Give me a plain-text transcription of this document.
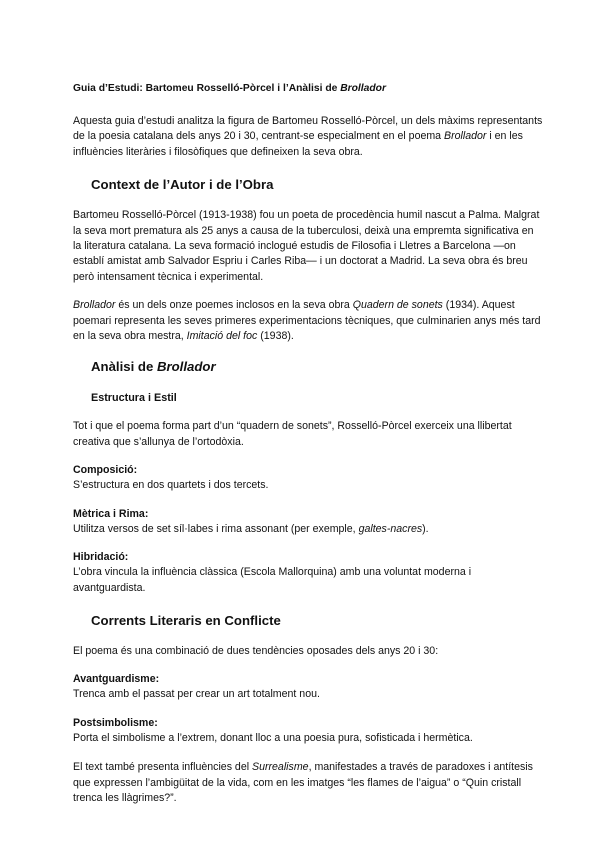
Guia d’Estudi: Bartomeu Rosselló-Pòrcel i l’Anàlisi de Brollador

Aquesta guia d’estudi analitza la figura de Bartomeu Rosselló-Pòrcel, un dels màxims representants de la poesia catalana dels anys 20 i 30, centrant-se especialment en el poema Brollador i en les influències literàries i filosòfiques que defineixen la seva obra.

Context de l’Autor i de l’Obra

Bartomeu Rosselló-Pòrcel (1913-1938) fou un poeta de procedència humil nascut a Palma. Malgrat la seva mort prematura als 25 anys a causa de la tuberculosi, deixà una empremta significativa en la literatura catalana. La seva formació inclogué estudis de Filosofia i Lletres a Barcelona —on establí amistat amb Salvador Espriu i Carles Riba— i un doctorat a Madrid. La seva obra és breu però intensament tècnica i experimental.

Brollador és un dels onze poemes inclosos en la seva obra Quadern de sonets (1934). Aquest poemari representa les seves primeres experimentacions tècniques, que culminarien anys més tard en la seva obra mestra, Imitació del foc (1938).

Anàlisi de Brollador
Estructura i Estil

Tot i que el poema forma part d’un “quadern de sonets”, Rosselló-Pòrcel exerceix una llibertat creativa que s’allunya de l’ortodòxia.

Composició:

S’estructura en dos quartets i dos tercets.

Mètrica i Rima:

Utilitza versos de set síl·labes i rima assonant (per exemple, galtes-nacres).

Hibridació:

L’obra vincula la influència clàssica (Escola Mallorquina) amb una voluntat moderna i avantguardista.

Corrents Literaris en Conflicte

El poema és una combinació de dues tendències oposades dels anys 20 i 30:

Avantguardisme:

Trenca amb el passat per crear un art totalment nou.

Postsimbolisme:

Porta el simbolisme a l’extrem, donant lloc a una poesia pura, sofisticada i hermètica.

El text també presenta influències del Surrealisme, manifestades a través de paradoxes i antítesis que expressen l’ambigüitat de la vida, com en les imatges “les flames de l’aigua” o “Quin cristall trenca les llàgrimes?”.
